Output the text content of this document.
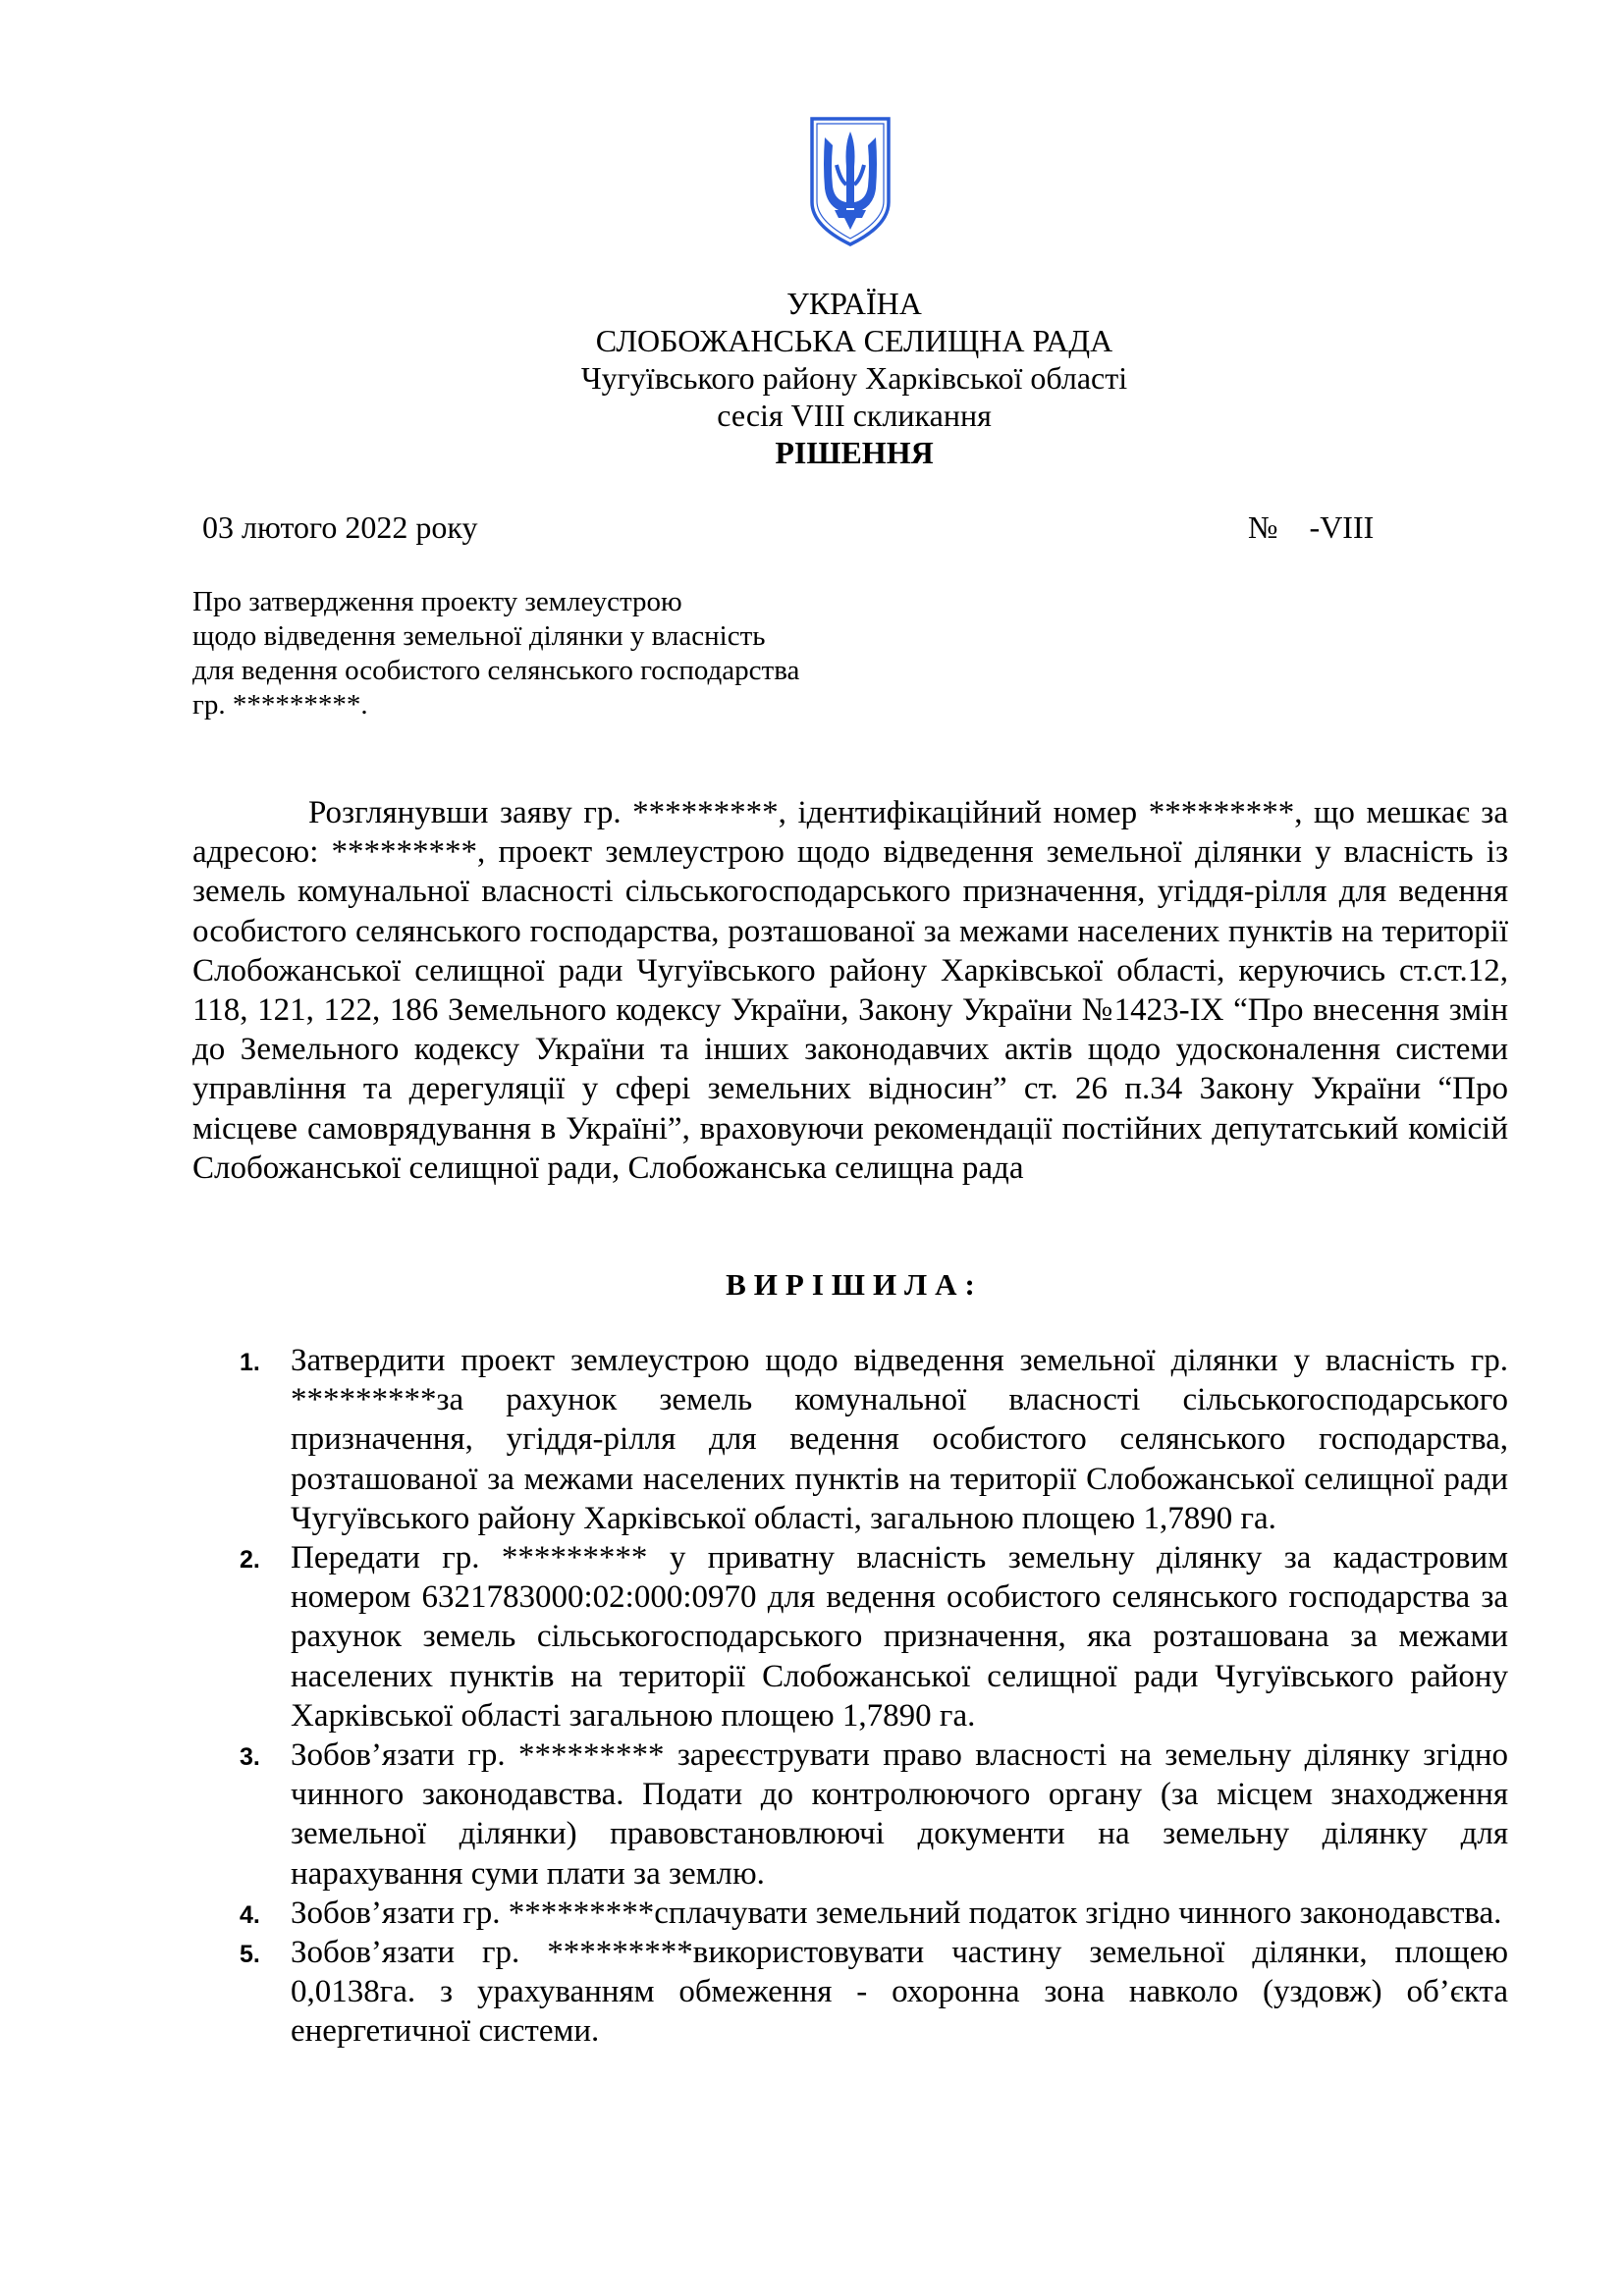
УКРАЇНА
СЛОБОЖАНСЬКА СЕЛИЩНА РАДА
Чугуївського району Харківської області
сесія VIII скликання
РІШЕННЯ
03 лютого 2022 року	№    -VIII
Про затвердження проекту землеустрою
щодо відведення земельної ділянки у власність
для ведення особистого селянського господарства
гр. *********.

Розглянувши заяву гр. *********, ідентифікаційний номер *********, що мешкає за адресою: *********, проект землеустрою щодо відведення земельної ділянки у власність із земель комунальної власності сільськогосподарського призначення, угіддя-рілля для ведення особистого селянського господарства, розташованої за межами населених пунктів на території Слобожанської селищної ради Чугуївського району Харківської області, керуючись ст.ст.12, 118, 121, 122, 186 Земельного кодексу України, Закону України №1423-IX “Про внесення змін до Земельного кодексу України та інших законодавчих актів щодо удосконалення системи управління та дерегуляції у сфері земельних відносин” ст. 26 п.34 Закону України “Про місцеве самоврядування в Україні”, враховуючи рекомендації постійних депутатський комісій Слобожанської селищної ради, Слобожанська селищна рада

ВИРІШИЛА:
1. Затвердити проект землеустрою щодо відведення земельної ділянки у власність гр. *********за рахунок земель комунальної власності сільськогосподарського призначення, угіддя-рілля для ведення особистого селянського господарства, розташованої за межами населених пунктів на території Слобожанської селищної ради Чугуївського району Харківської області, загальною площею 1,7890 га.
2. Передати гр. ********* у приватну власність земельну ділянку за кадастровим номером 6321783000:02:000:0970 для ведення особистого селянського господарства за рахунок земель сільськогосподарського призначення, яка розташована за межами населених пунктів на території Слобожанської селищної ради Чугуївського району Харківської області загальною площею 1,7890 га.
3. Зобов’язати гр. ********* зареєструвати право власності на земельну ділянку згідно чинного законодавства. Подати до контролюючого органу (за місцем знаходження земельної ділянки) правовстановлюючі документи на земельну ділянку для нарахування суми плати за землю.
4. Зобов’язати гр. *********сплачувати земельний податок згідно чинного законодавства.
5. Зобов’язати гр. *********використовувати частину земельної ділянки, площею 0,0138га. з урахуванням обмеження - охоронна зона навколо (уздовж) об’єкта енергетичної системи.
